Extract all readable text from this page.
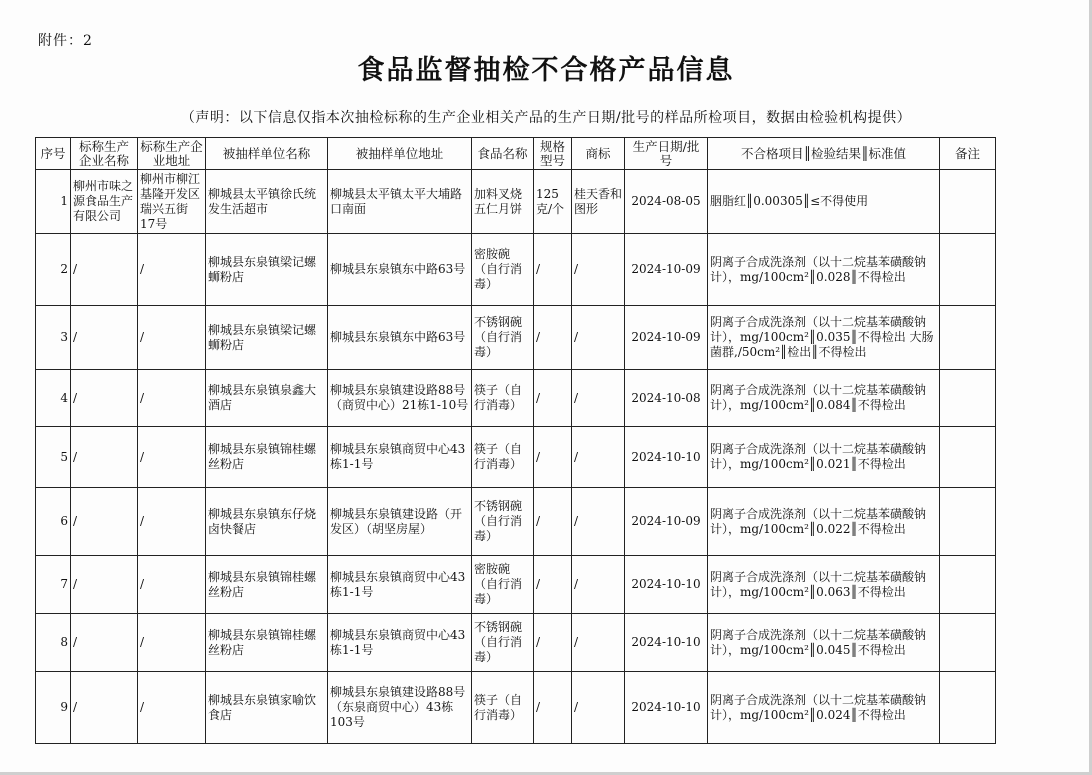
附件：2
食品监督抽检不合格产品信息
（声明：以下信息仅指本次抽检标称的生产企业相关产品的生产日期/批号的样品所检项目，数据由检验机构提供）
序号	标称生产企业名称	标称生产企业地址	被抽样单位名称	被抽样单位地址	食品名称	规格型号	商标	生产日期/批号	不合格项目║检验结果║标准值	备注
1	柳州市味之源食品生产有限公司	柳州市柳江基隆开发区瑞兴五街17号	柳城县太平镇徐氏统发生活超市	柳城县太平镇太平大埔路口南面	加料叉烧五仁月饼	125克/个	桂天香和图形	2024-08-05	胭脂红║0.00305║≤不得使用	
2	/	/	柳城县东泉镇梁记螺蛳粉店	柳城县东泉镇东中路63号	密胺碗（自行消毒）	/	/	2024-10-09	阴离子合成洗涤剂（以十二烷基苯磺酸钠计），mg/100cm²║0.028║不得检出	
3	/	/	柳城县东泉镇梁记螺蛳粉店	柳城县东泉镇东中路63号	不锈钢碗（自行消毒）	/	/	2024-10-09	阴离子合成洗涤剂（以十二烷基苯磺酸钠计），mg/100cm²║0.035║不得检出 大肠菌群,/50cm²║检出║不得检出	
4	/	/	柳城县东泉镇泉鑫大酒店	柳城县东泉镇建设路88号（商贸中心）21栋1-10号	筷子（自行消毒）	/	/	2024-10-08	阴离子合成洗涤剂（以十二烷基苯磺酸钠计），mg/100cm²║0.084║不得检出	
5	/	/	柳城县东泉镇锦桂螺丝粉店	柳城县东泉镇商贸中心43栋1-1号	筷子（自行消毒）	/	/	2024-10-10	阴离子合成洗涤剂（以十二烷基苯磺酸钠计），mg/100cm²║0.021║不得检出	
6	/	/	柳城县东泉镇东仔烧卤快餐店	柳城县东泉镇建设路（开发区）（胡坚房屋）	不锈钢碗（自行消毒）	/	/	2024-10-09	阴离子合成洗涤剂（以十二烷基苯磺酸钠计），mg/100cm²║0.022║不得检出	
7	/	/	柳城县东泉镇锦桂螺丝粉店	柳城县东泉镇商贸中心43栋1-1号	密胺碗（自行消毒）	/	/	2024-10-10	阴离子合成洗涤剂（以十二烷基苯磺酸钠计），mg/100cm²║0.063║不得检出	
8	/	/	柳城县东泉镇锦桂螺丝粉店	柳城县东泉镇商贸中心43栋1-1号	不锈钢碗（自行消毒）	/	/	2024-10-10	阴离子合成洗涤剂（以十二烷基苯磺酸钠计），mg/100cm²║0.045║不得检出	
9	/	/	柳城县东泉镇家喻饮食店	柳城县东泉镇建设路88号（东泉商贸中心）43栋103号	筷子（自行消毒）	/	/	2024-10-10	阴离子合成洗涤剂（以十二烷基苯磺酸钠计），mg/100cm²║0.024║不得检出	
